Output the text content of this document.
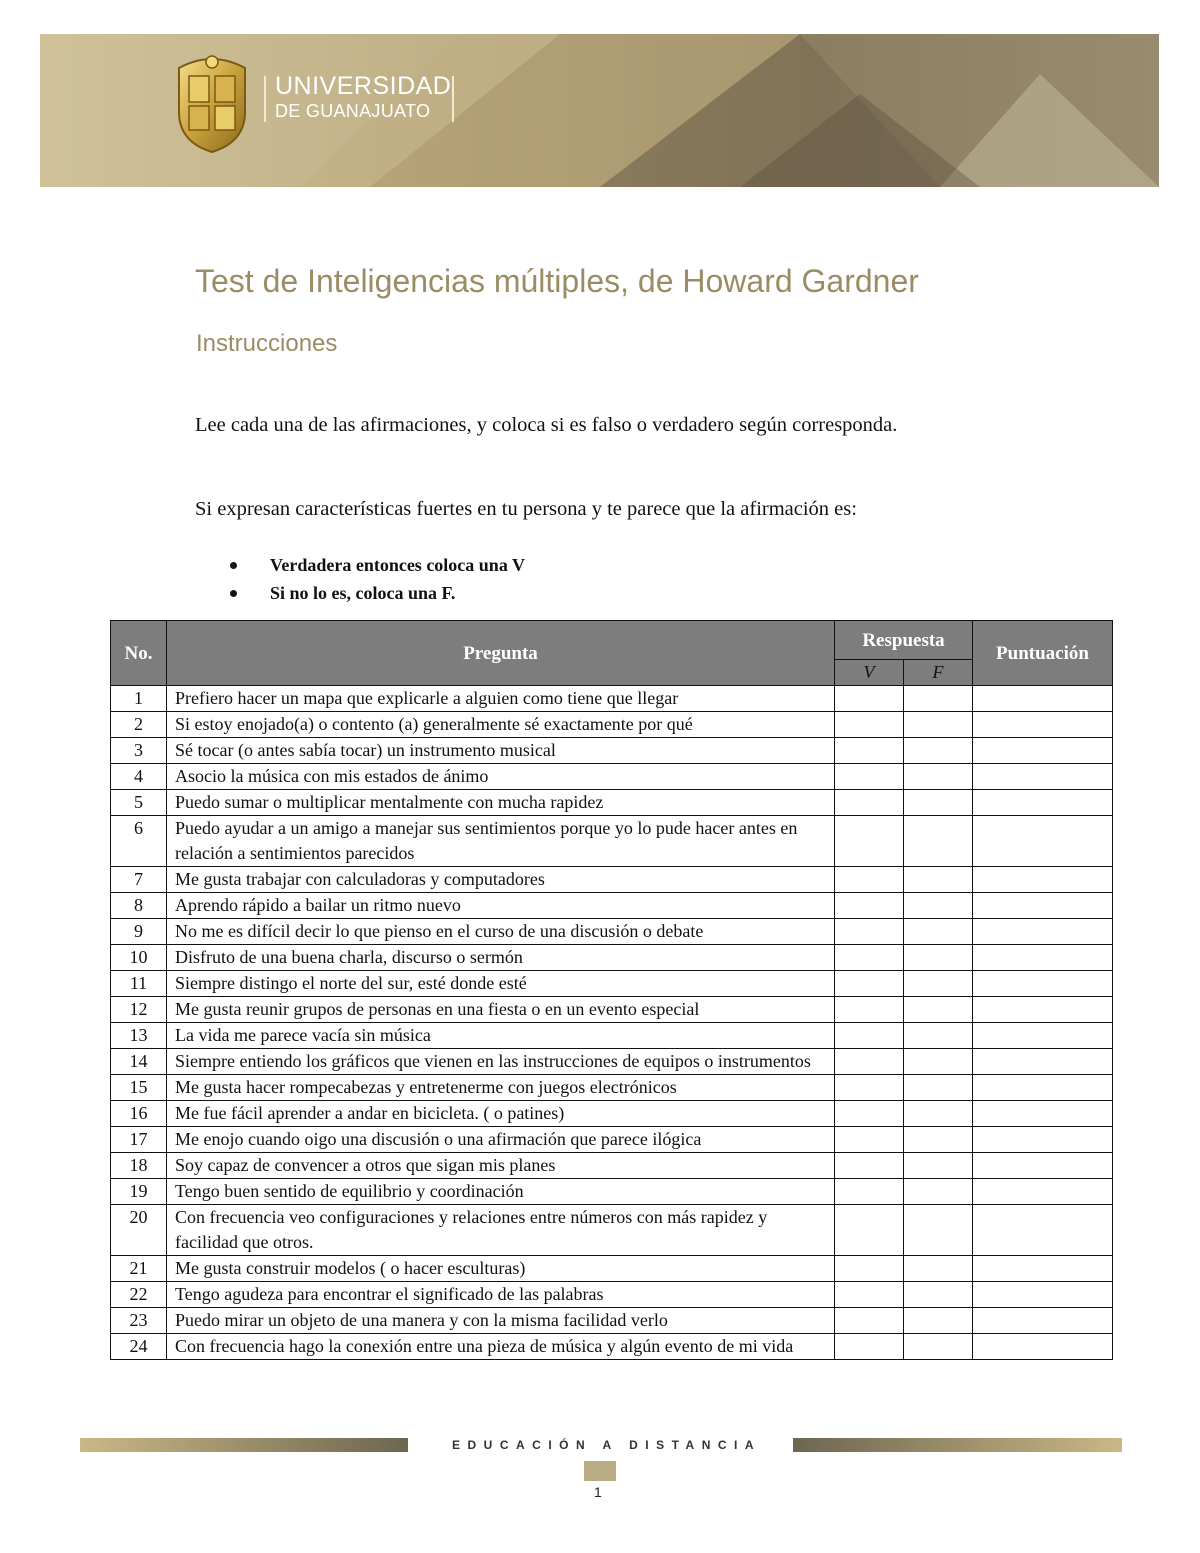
UNIVERSIDAD
DE GUANAJUATO
Test de Inteligencias múltiples, de Howard Gardner
Instrucciones

Lee cada una de las afirmaciones, y coloca si es falso o verdadero según corresponda.

Si expresan características fuertes en tu persona y te parece que la afirmación es:

Verdadera entonces coloca una V
Si no lo es, coloca una F.
No.	Pregunta	Respuesta		Puntuación
		V	F	
1	Prefiero hacer un mapa que explicarle a alguien como tiene que llegar			
2	Si estoy enojado(a) o contento (a) generalmente sé exactamente por qué			
3	Sé tocar (o antes sabía tocar) un instrumento musical			
4	Asocio la música con mis estados de ánimo			
5	Puedo sumar o multiplicar mentalmente con mucha rapidez			
6	Puedo ayudar a un amigo a manejar sus sentimientos porque yo lo pude hacer antes en relación a sentimientos parecidos			
7	Me gusta trabajar con calculadoras y computadores			
8	Aprendo rápido a bailar un ritmo nuevo			
9	No me es difícil decir lo que pienso en el curso de una discusión o debate			
10	Disfruto de una buena charla, discurso o sermón			
11	Siempre distingo el norte del sur, esté donde esté			
12	Me gusta reunir grupos de personas en una fiesta o en un evento especial			
13	La vida me parece vacía sin música			
14	Siempre entiendo los gráficos que vienen en las instrucciones de equipos o instrumentos			
15	Me gusta hacer rompecabezas y entretenerme con juegos electrónicos			
16	Me fue fácil aprender a andar en bicicleta. ( o patines)			
17	Me enojo cuando oigo una discusión o una afirmación que parece ilógica			
18	Soy capaz de convencer a otros que sigan mis planes			
19	Tengo buen sentido de equilibrio y coordinación			
20	Con frecuencia veo configuraciones y relaciones entre números con más rapidez y facilidad que otros.			
21	Me gusta construir modelos ( o hacer esculturas)			
22	Tengo agudeza para encontrar el significado de las palabras			
23	Puedo mirar un objeto de una manera y con la misma facilidad verlo			
24	Con frecuencia hago la conexión entre una pieza de música y algún evento de mi vida			
EDUCACIÓN A DISTANCIA
1
